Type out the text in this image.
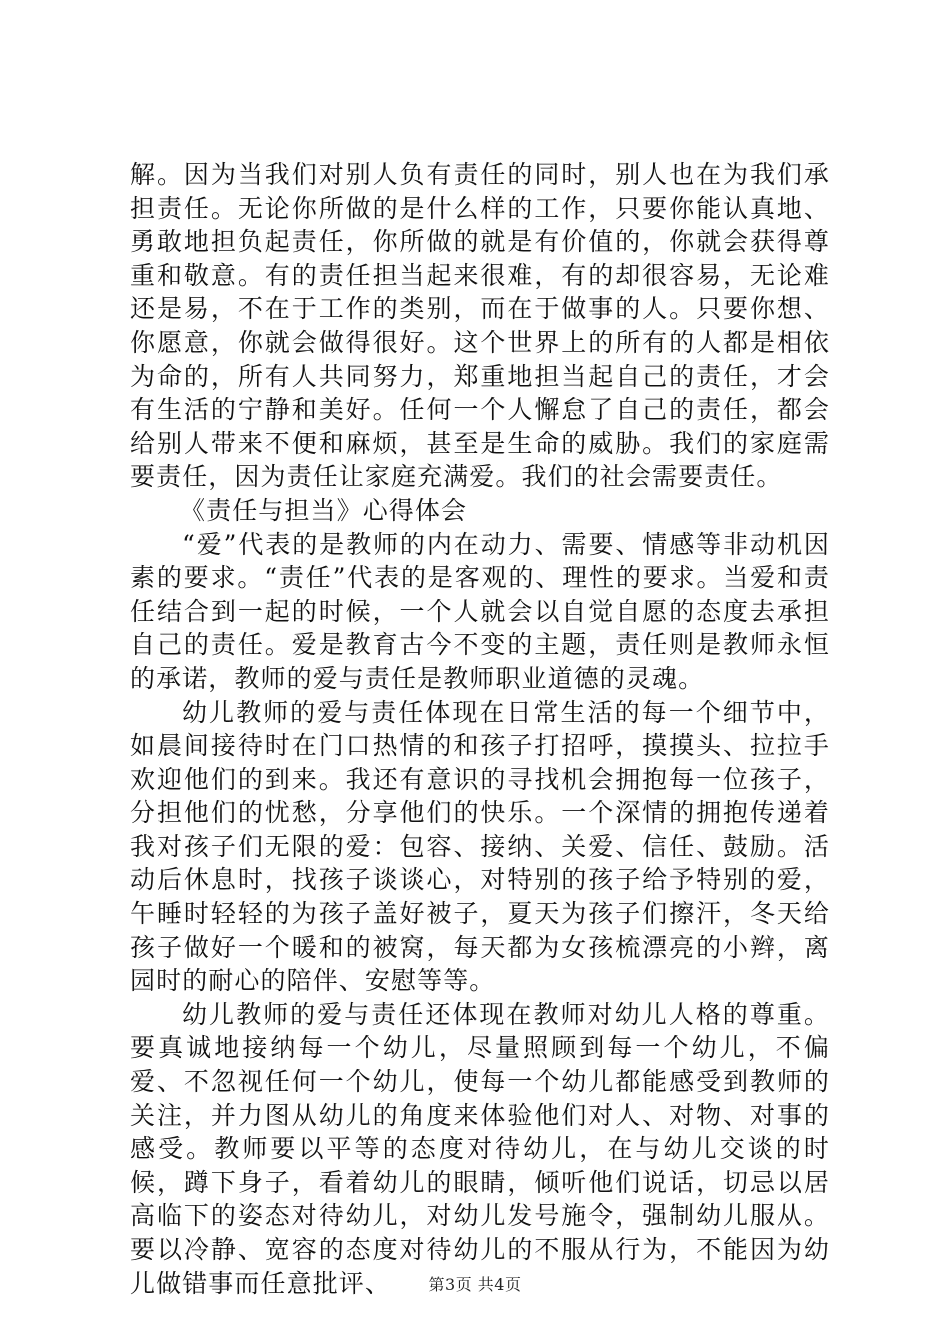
解。因为当我们对别人负有责任的同时，别人也在为我们承担责任。无论你所做的是什么样的工作，只要你能认真地、勇敢地担负起责任，你所做的就是有价值的，你就会获得尊重和敬意。有的责任担当起来很难，有的却很容易，无论难还是易，不在于工作的类别，而在于做事的人。只要你想、你愿意，你就会做得很好。这个世界上的所有的人都是相依为命的，所有人共同努力，郑重地担当起自己的责任，才会有生活的宁静和美好。任何一个人懈怠了自己的责任，都会给别人带来不便和麻烦，甚至是生命的威胁。我们的家庭需要责任，因为责任让家庭充满爱。我们的社会需要责任。

《责任与担当》心得体会

“爱”代表的是教师的内在动力、需要、情感等非动机因素的要求。“责任”代表的是客观的、理性的要求。当爱和责任结合到一起的时候，一个人就会以自觉自愿的态度去承担自己的责任。爱是教育古今不变的主题，责任则是教师永恒的承诺，教师的爱与责任是教师职业道德的灵魂。

幼儿教师的爱与责任体现在日常生活的每一个细节中，如晨间接待时在门口热情的和孩子打招呼，摸摸头、拉拉手欢迎他们的到来。我还有意识的寻找机会拥抱每一位孩子，分担他们的忧愁，分享他们的快乐。一个深情的拥抱传递着我对孩子们无限的爱：包容、接纳、关爱、信任、鼓励。活动后休息时，找孩子谈谈心，对特别的孩子给予特别的爱，午睡时轻轻的为孩子盖好被子，夏天为孩子们擦汗，冬天给孩子做好一个暖和的被窝，每天都为女孩梳漂亮的小辫，离园时的耐心的陪伴、安慰等等。

幼儿教师的爱与责任还体现在教师对幼儿人格的尊重。要真诚地接纳每一个幼儿，尽量照顾到每一个幼儿，不偏爱、不忽视任何一个幼儿，使每一个幼儿都能感受到教师的关注，并力图从幼儿的角度来体验他们对人、对物、对事的感受。教师要以平等的态度对待幼儿，在与幼儿交谈的时候，蹲下身子，看着幼儿的眼睛，倾听他们说话，切忌以居高临下的姿态对待幼儿，对幼儿发号施令，强制幼儿服从。要以冷静、宽容的态度对待幼儿的不服从行为，不能因为幼儿做错事而任意批评、	第3页 共4页
